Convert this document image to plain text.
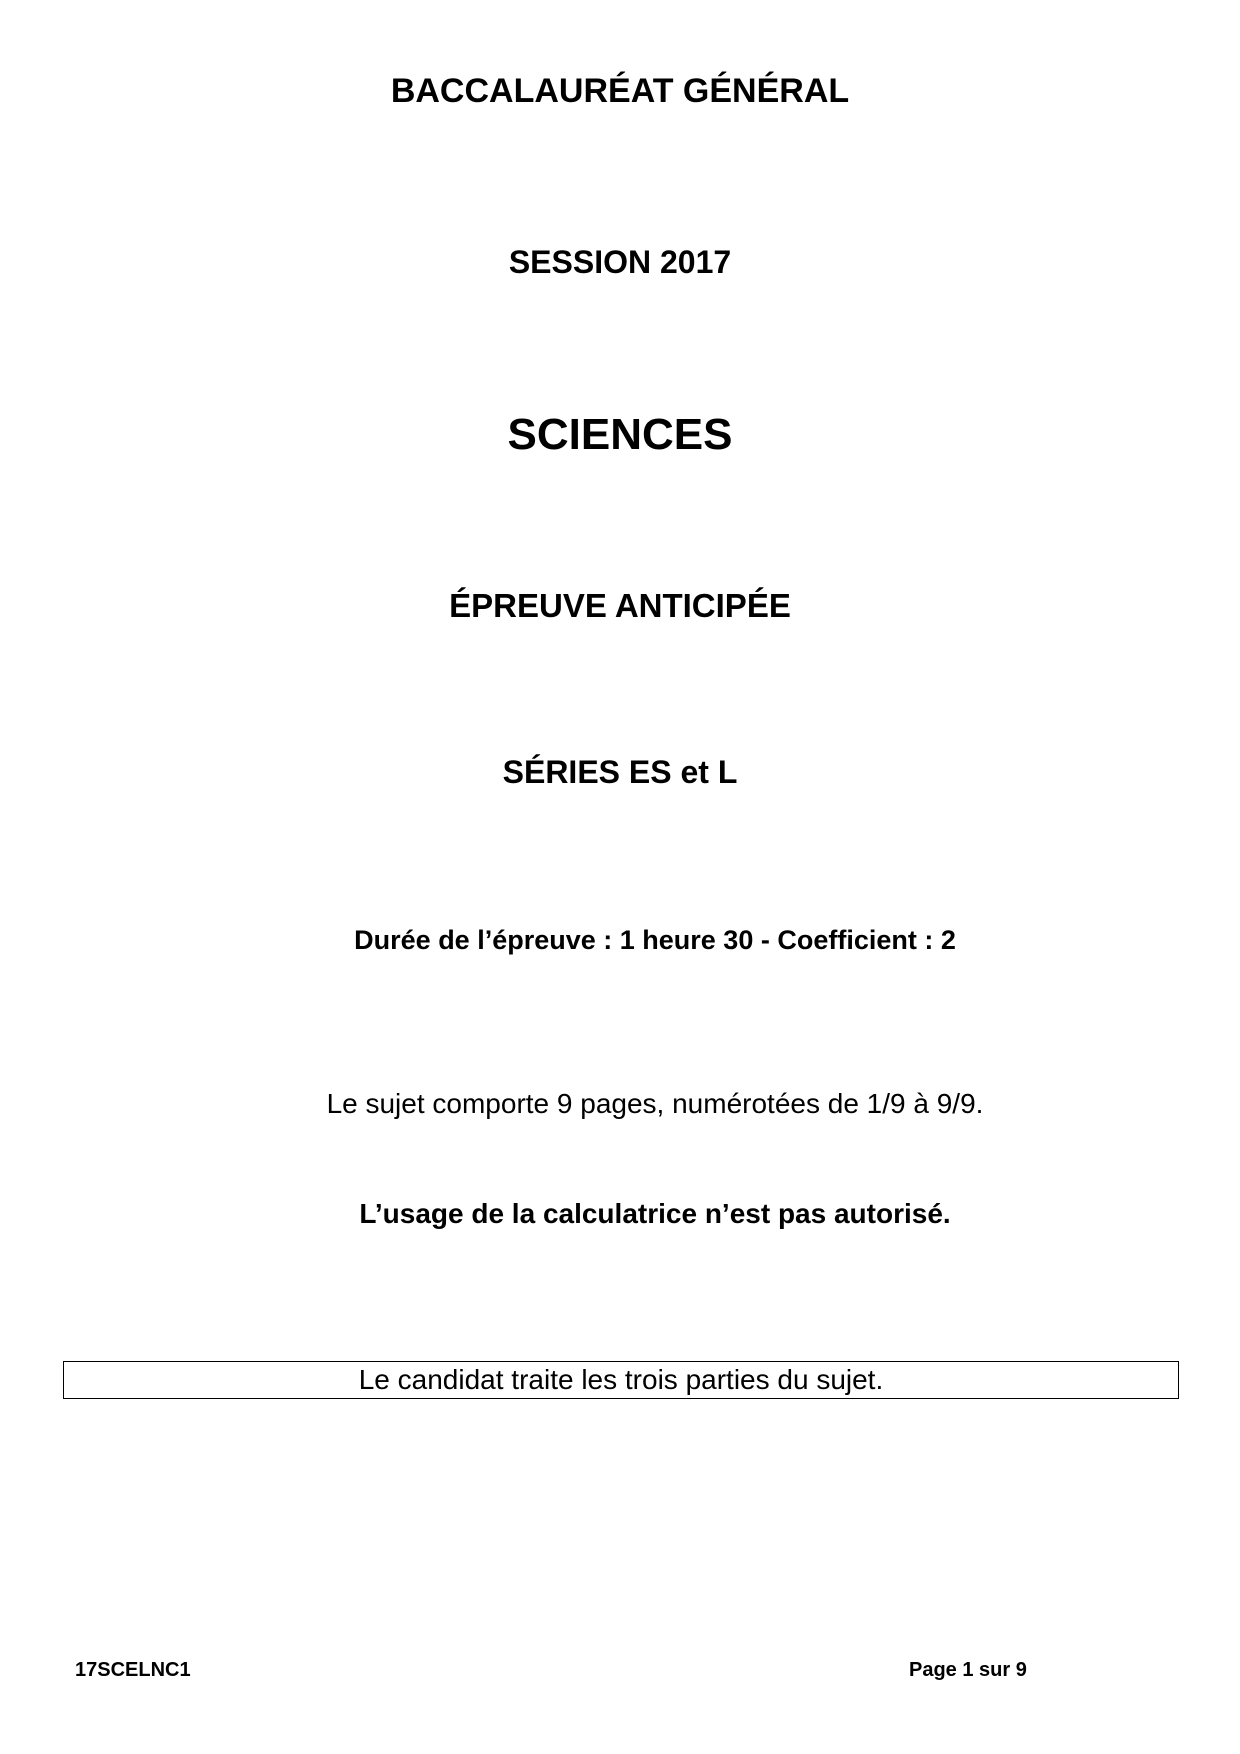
BACCALAURÉAT GÉNÉRAL
SESSION 2017
SCIENCES
ÉPREUVE ANTICIPÉE
SÉRIES ES et L
Durée de l’épreuve : 1 heure 30 - Coefficient : 2
Le sujet comporte 9 pages, numérotées de 1/9 à 9/9.
L’usage de la calculatrice n’est pas autorisé.
Le candidat traite les trois parties du sujet.
17SCELNC1	Page 1 sur 9
